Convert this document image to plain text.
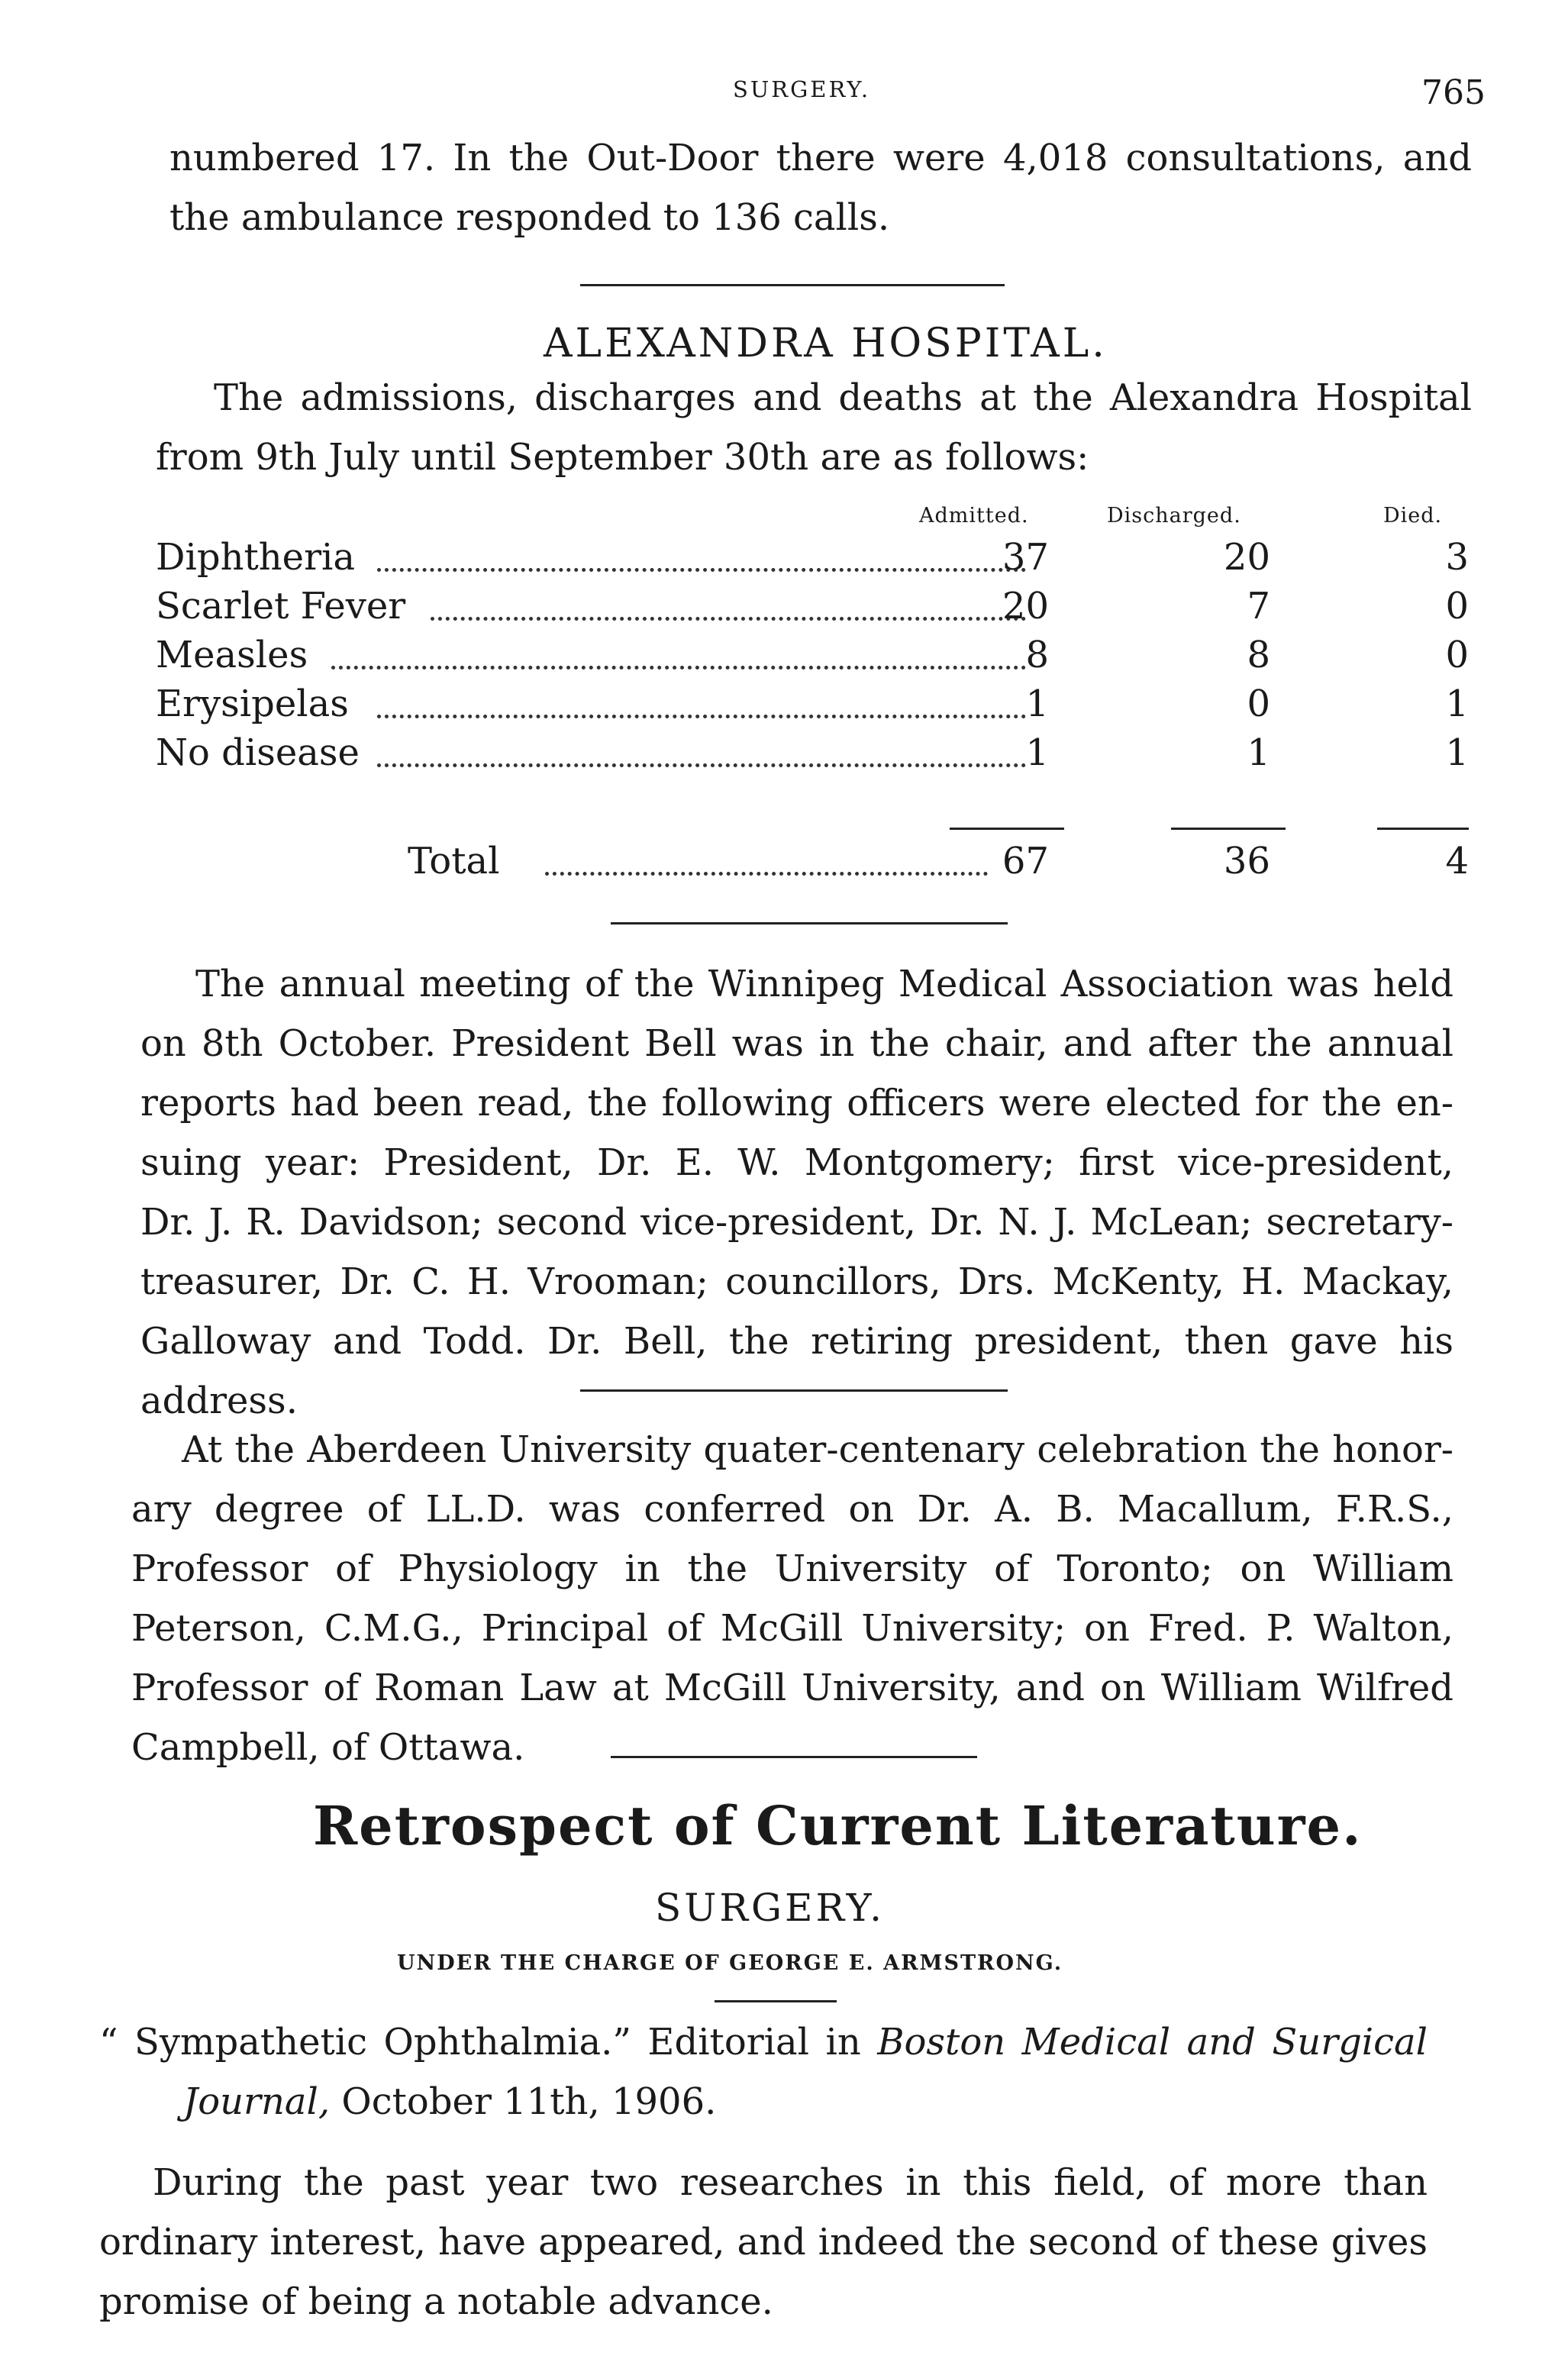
SURGERY.	765
numbered 17. In the Out-Door there were 4,018 consultations, and
the ambulance responded to 136 calls.
ALEXANDRA HOSPITAL.
The admissions, discharges and deaths at the Alexandra Hospital
from 9th July until September 30th are as follows:
Admitted.	Discharged.	Died.
Diphtheria	37	20	3
Scarlet Fever	20	7	0
Measles	8	8	0
Erysipelas	1	0	1
No disease	1	1	1
Total	67	36	4
The annual meeting of the Winnipeg Medical Association was held
on 8th October. President Bell was in the chair, and after the annual
reports had been read, the following officers were elected for the en-
suing year: President, Dr. E. W. Montgomery; first vice-president,
Dr. J. R. Davidson; second vice-president, Dr. N. J. McLean; secretary-
treasurer, Dr. C. H. Vrooman; councillors, Drs. McKenty, H. Mackay,
Galloway and Todd. Dr. Bell, the retiring president, then gave his
address.
At the Aberdeen University quater-centenary celebration the honor-
ary degree of LL.D. was conferred on Dr. A. B. Macallum, F.R.S.,
Professor of Physiology in the University of Toronto; on William
Peterson, C.M.G., Principal of McGill University; on Fred. P. Walton,
Professor of Roman Law at McGill University, and on William Wilfred
Campbell, of Ottawa.
Retrospect of Current Literature.
SURGERY.
UNDER THE CHARGE OF GEORGE E. ARMSTRONG.
“ Sympathetic Ophthalmia.” Editorial in Boston Medical and Surgical
Journal, October 11th, 1906.
During the past year two researches in this field, of more than
ordinary interest, have appeared, and indeed the second of these gives
promise of being a notable advance.
